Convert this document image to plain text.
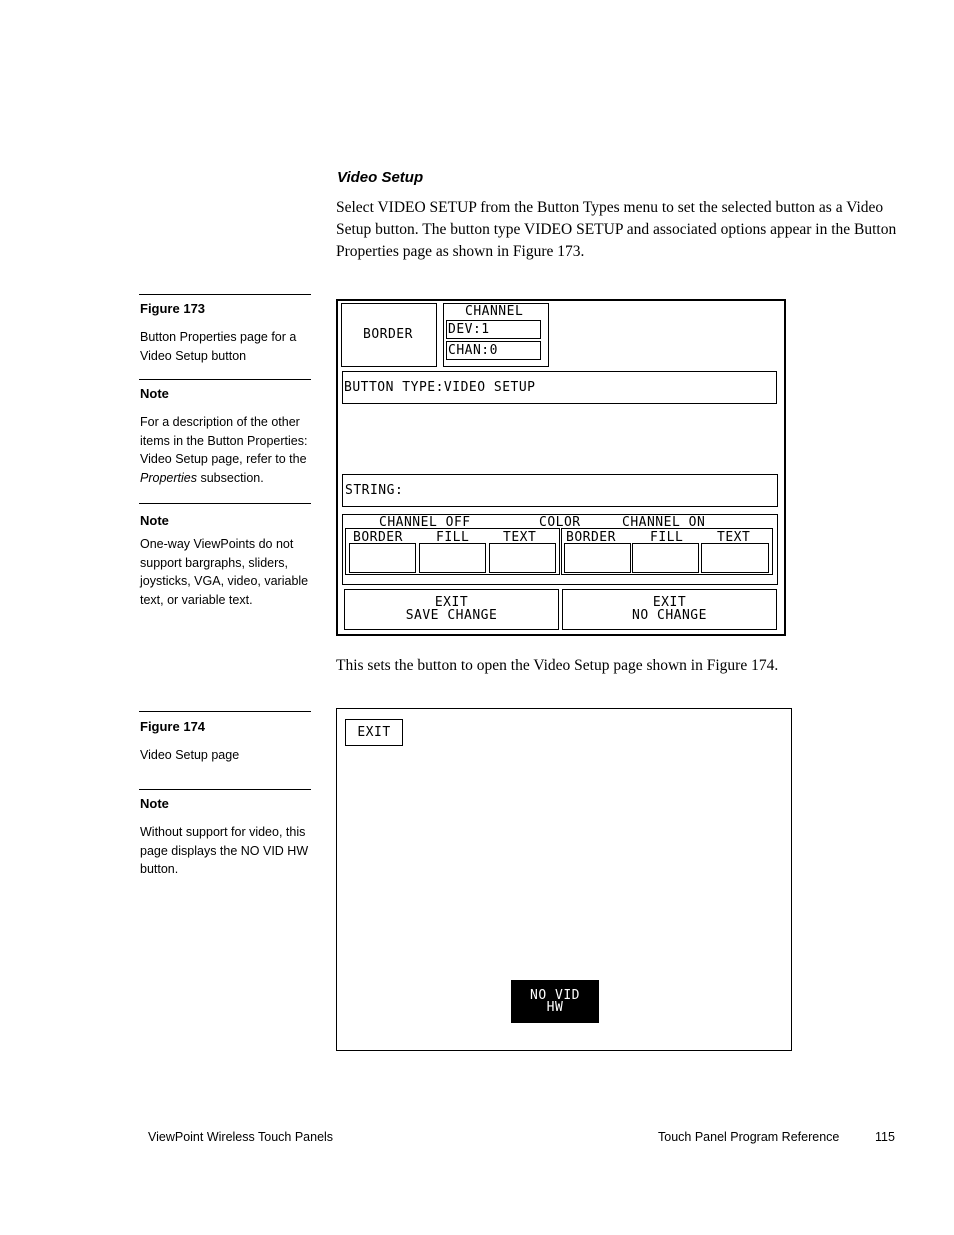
Video Setup
Select VIDEO SETUP from the Button Types menu to set the selected button as a Video Setup button. The button type VIDEO SETUP and associated options appear in the Button Properties page as shown in Figure 173.
This sets the button to open the Video Setup page shown in Figure 174.
Figure 173
Button Properties page for a Video Setup button
Note
For a description of the other items in the Button Properties: Video Setup page, refer to the Properties subsection.
Note
One-way ViewPoints do not support bargraphs, sliders, joysticks, VGA, video, variable text, or variable text.
Figure 174
Video Setup page
Note
Without support for video, this page displays the NO VID HW button.
BORDER
CHANNEL
DEV:1
CHAN:0
BUTTON TYPE:VIDEO SETUP
STRING:
CHANNEL OFF	COLOR	CHANNEL ON
BORDER	FILL	TEXT BORDER	FILL	TEXT
EXIT
SAVE CHANGE
EXIT
NO CHANGE
EXIT
NO VID
HW
ViewPoint Wireless Touch Panels	Touch Panel Program Reference	115
